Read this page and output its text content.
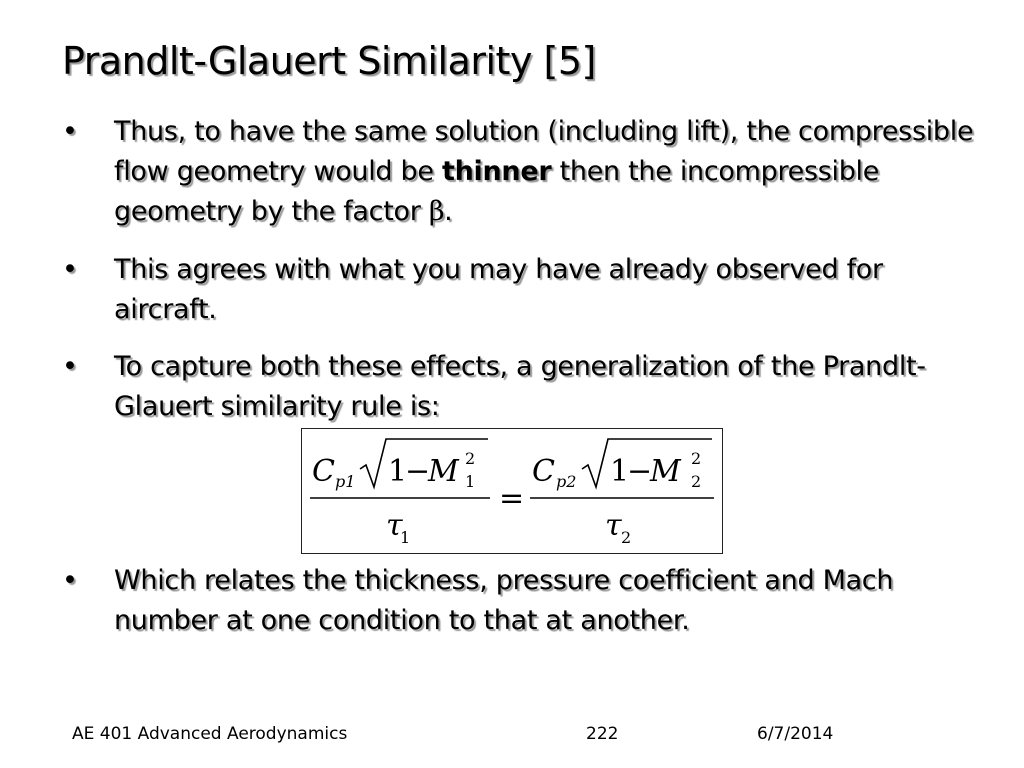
Prandlt-Glauert Similarity [5]
• Thus, to have the same solution (including lift), the compressible flow geometry would be thinner then the incompressible geometry by the factor β.
• This agrees with what you may have already observed for aircraft.
• To capture both these effects, a generalization of the Prandlt-Glauert similarity rule is:
C p1 1
−
M 2
1
τ
1
=
C p2 1
−
M 2
2
τ 2
• Which relates the thickness, pressure coefficient and Mach number at one condition to that at another.
AE 401 Advanced Aerodynamics	222	6/7/2014
